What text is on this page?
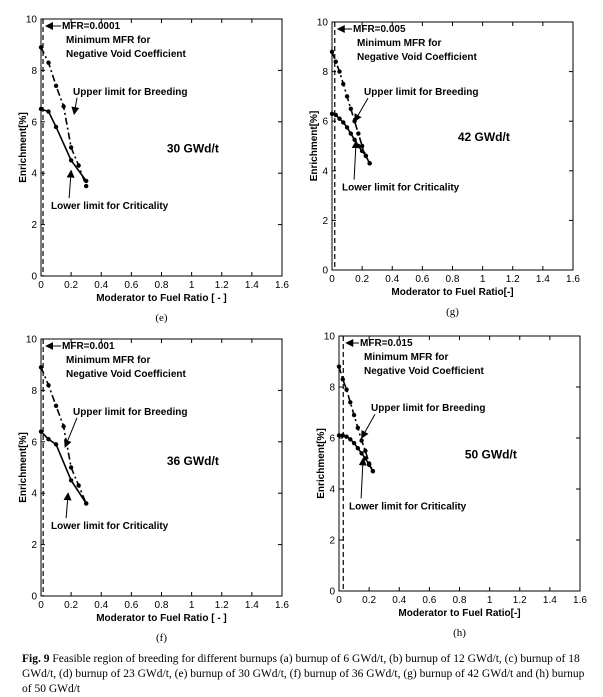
0 0.2 0.4 0.6 0.8 1 1.2 1.4 1.6
0
2
4
6
8
10
Moderator to Fuel Ratio [ - ]
Enrichment[%]
(e)
MFR=0.0001
Minimum MFR for
Negative Void Coefficient
30 GWd/t
Upper limit for Breeding
Lower limit for Criticality
0 0.2 0.4 0.6 0.8 1 1.2 1.4 1.6
0
2
4
6
8
10
Moderator to Fuel Ratio[-]
Enrichment[%]
(g)
MFR=0.005
Minimum MFR for
Negative Void Coefficient
42 GWd/t
Upper limit for Breeding
Lower limit for Criticality
0 0.2 0.4 0.6 0.8 1 1.2 1.4 1.6
0
2
4
6
8
10
Moderator to Fuel Ratio [ - ]
Enrichment[%]
(f)
MFR=0.001
Minimum MFR for
Negative Void Coefficient
36 GWd/t
Upper limit for Breeding
Lower limit for Criticality
0 0.2 0.4 0.6 0.8 1 1.2 1.4 1.6
0
2
4
6
8
10
Moderator to Fuel Ratio[-]
Enrichment[%]
(h)
MFR=0.015
Minimum MFR for
Negative Void Coefficient
50 GWd/t
Upper limit for Breeding
Lower limit for Criticality
Fig. 9 Feasible region of breeding for different burnups (a) burnup of 6 GWd/t, (b) burnup of 12 GWd/t, (c) burnup of 18 GWd/t, (d) burnup of 23 GWd/t, (e) burnup of 30 GWd/t, (f) burnup of 36 GWd/t, (g) burnup of 42 GWd/t and (h) burnup of 50 GWd/t
